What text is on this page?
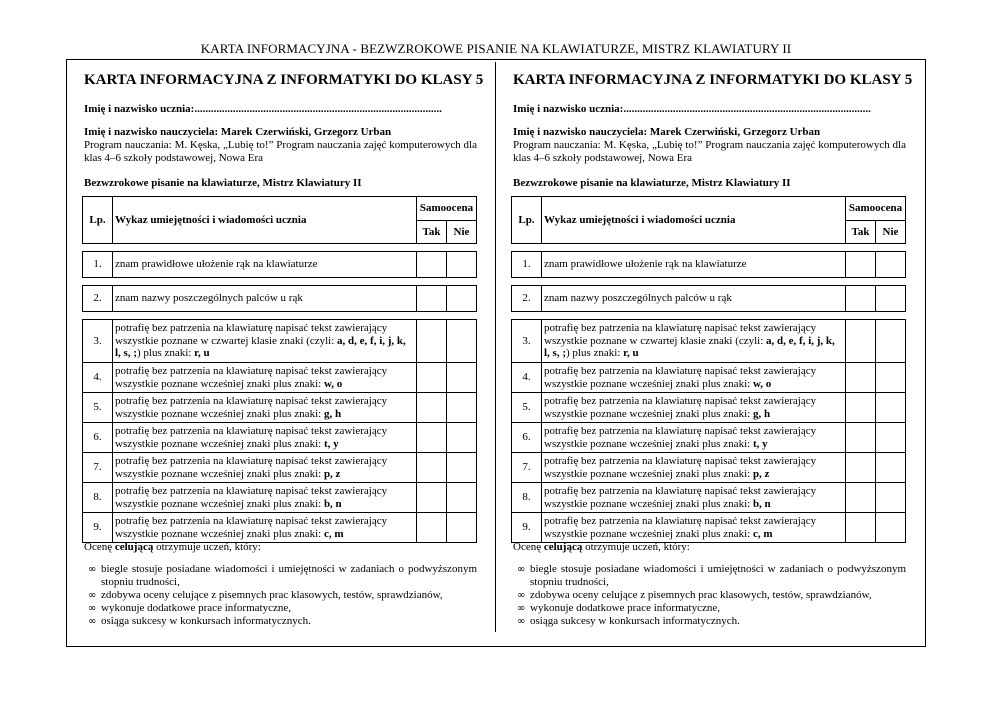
KARTA INFORMACYJNA - BEZWZROKOWE PISANIE NA KLAWIATURZE, MISTRZ KLAWIATURY II
KARTA INFORMACYJNA Z INFORMATYKI DO KLASY 5
Imię i nazwisko ucznia:..........................................................................................
Imię i nazwisko nauczyciela: Marek Czerwiński, Grzegorz Urban
Program nauczania: M. Kęska, „Lubię to!” Program nauczania zajęć komputerowych dla klas 4–6 szkoły podstawowej, Nowa Era
Bezwzrokowe pisanie na klawiaturze, Mistrz Klawiatury II
Lp.	Wykaz umiejętności i wiadomości ucznia	Samoocena	
		Tak	Nie

1.	znam prawidłowe ułożenie rąk na klawiaturze		

2.	znam nazwy poszczególnych palców u rąk		

3.	potrafię bez patrzenia na klawiaturę napisać tekst zawierający wszystkie poznane w czwartej klasie znaki (czyli: a, d, e, f, i, j, k, l, s, ;) plus znaki: r, u		
4.	potrafię bez patrzenia na klawiaturę napisać tekst zawierający wszystkie poznane wcześniej znaki plus znaki: w, o		
5.	potrafię bez patrzenia na klawiaturę napisać tekst zawierający wszystkie poznane wcześniej znaki plus znaki: g, h		
6.	potrafię bez patrzenia na klawiaturę napisać tekst zawierający wszystkie poznane wcześniej znaki plus znaki: t, y		
7.	potrafię bez patrzenia na klawiaturę napisać tekst zawierający wszystkie poznane wcześniej znaki plus znaki: p, z		
8.	potrafię bez patrzenia na klawiaturę napisać tekst zawierający wszystkie poznane wcześniej znaki plus znaki: b, n		
9.	potrafię bez patrzenia na klawiaturę napisać tekst zawierający wszystkie poznane wcześniej znaki plus znaki: c, m		
Ocenę celującą otrzymuje uczeń, który:
∞ biegle stosuje posiadane wiadomości i umiejętności w zadaniach o podwyższonym stopniu trudności,
∞ zdobywa oceny celujące z pisemnych prac klasowych, testów, sprawdzianów,
∞ wykonuje dodatkowe prace informatyczne,
∞ osiąga sukcesy w konkursach informatycznych.
KARTA INFORMACYJNA Z INFORMATYKI DO KLASY 5
Imię i nazwisko ucznia:..........................................................................................
Imię i nazwisko nauczyciela: Marek Czerwiński, Grzegorz Urban
Program nauczania: M. Kęska, „Lubię to!” Program nauczania zajęć komputerowych dla klas 4–6 szkoły podstawowej, Nowa Era
Bezwzrokowe pisanie na klawiaturze, Mistrz Klawiatury II
Lp.	Wykaz umiejętności i wiadomości ucznia	Samoocena	
		Tak	Nie

1.	znam prawidłowe ułożenie rąk na klawiaturze		

2.	znam nazwy poszczególnych palców u rąk		

3.	potrafię bez patrzenia na klawiaturę napisać tekst zawierający wszystkie poznane w czwartej klasie znaki (czyli: a, d, e, f, i, j, k, l, s, ;) plus znaki: r, u		
4.	potrafię bez patrzenia na klawiaturę napisać tekst zawierający wszystkie poznane wcześniej znaki plus znaki: w, o		
5.	potrafię bez patrzenia na klawiaturę napisać tekst zawierający wszystkie poznane wcześniej znaki plus znaki: g, h		
6.	potrafię bez patrzenia na klawiaturę napisać tekst zawierający wszystkie poznane wcześniej znaki plus znaki: t, y		
7.	potrafię bez patrzenia na klawiaturę napisać tekst zawierający wszystkie poznane wcześniej znaki plus znaki: p, z		
8.	potrafię bez patrzenia na klawiaturę napisać tekst zawierający wszystkie poznane wcześniej znaki plus znaki: b, n		
9.	potrafię bez patrzenia na klawiaturę napisać tekst zawierający wszystkie poznane wcześniej znaki plus znaki: c, m		
Ocenę celującą otrzymuje uczeń, który:
∞ biegle stosuje posiadane wiadomości i umiejętności w zadaniach o podwyższonym stopniu trudności,
∞ zdobywa oceny celujące z pisemnych prac klasowych, testów, sprawdzianów,
∞ wykonuje dodatkowe prace informatyczne,
∞ osiąga sukcesy w konkursach informatycznych.
